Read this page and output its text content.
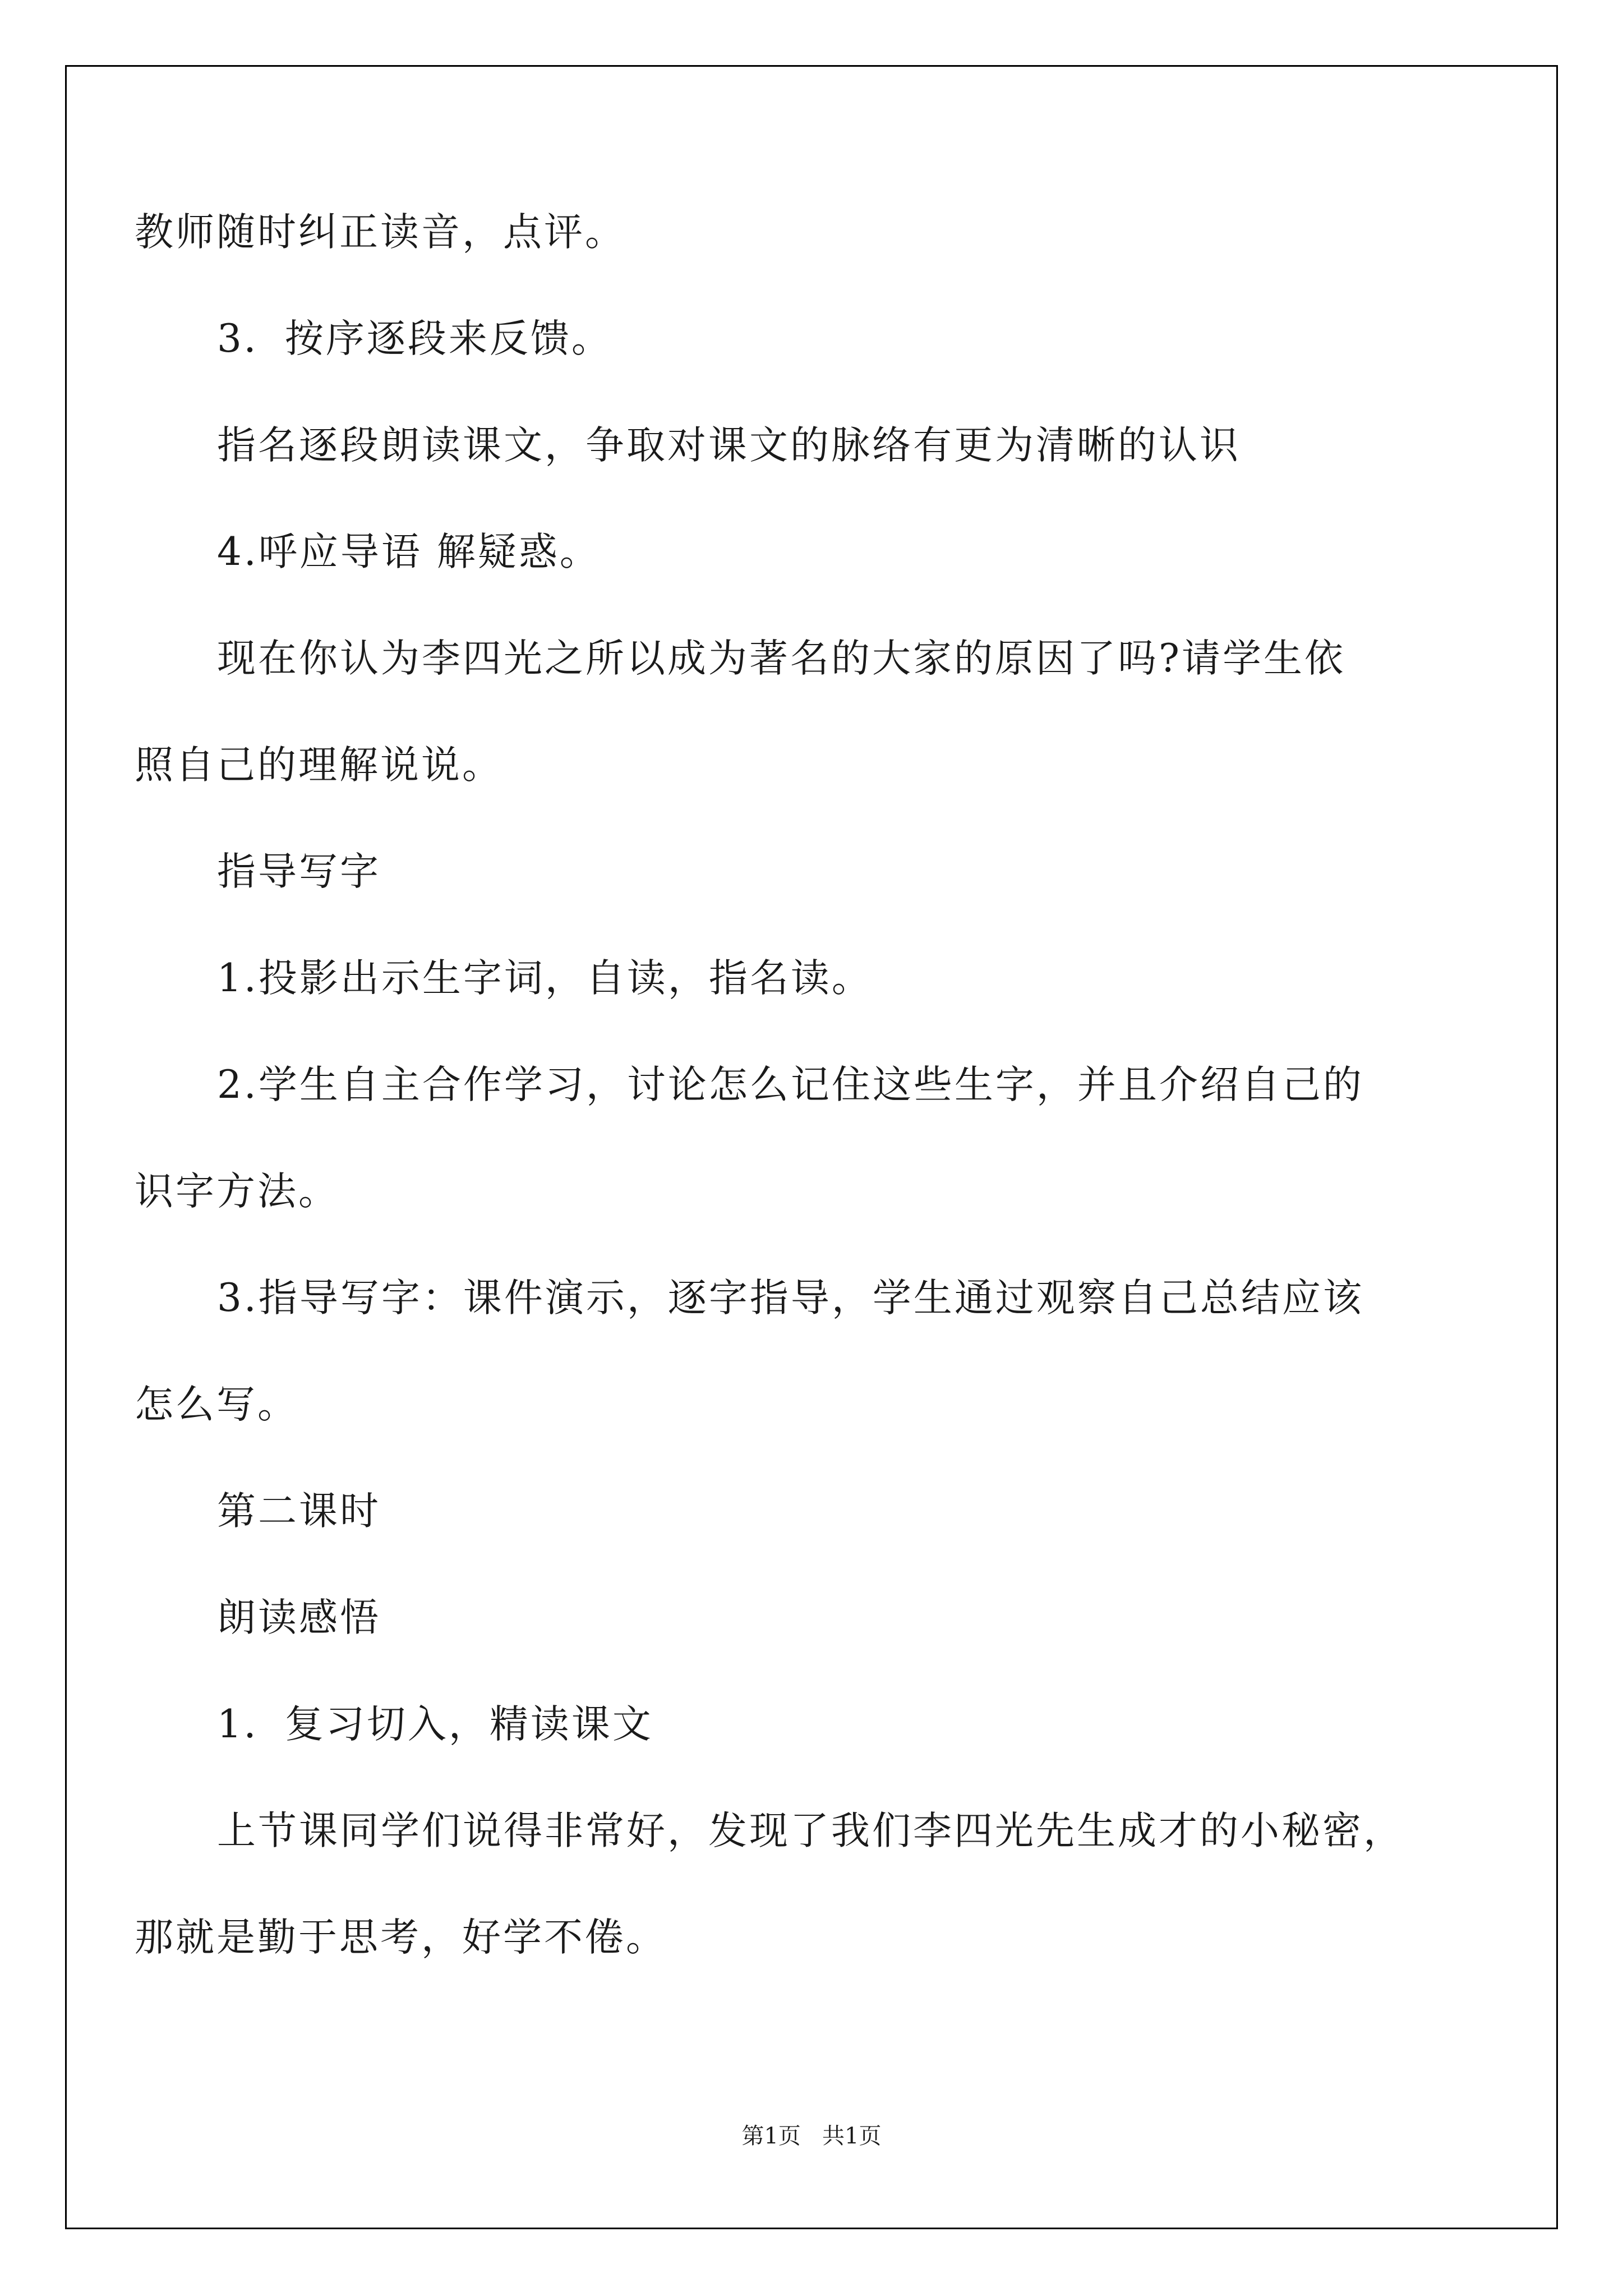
教师随时纠正读音，点评。
3．按序逐段来反馈。
指名逐段朗读课文，争取对课文的脉络有更为清晰的认识
4.呼应导语 解疑惑。
现在你认为李四光之所以成为著名的大家的原因了吗?请学生依
照自己的理解说说。
指导写字
1.投影出示生字词，自读，指名读。
2.学生自主合作学习，讨论怎么记住这些生字，并且介绍自己的
识字方法。
3.指导写字：课件演示，逐字指导，学生通过观察自己总结应该
怎么写。
第二课时
朗读感悟
1．复习切入，精读课文
上节课同学们说得非常好，发现了我们李四光先生成才的小秘密，
那就是勤于思考，好学不倦。
第1页   共1页
